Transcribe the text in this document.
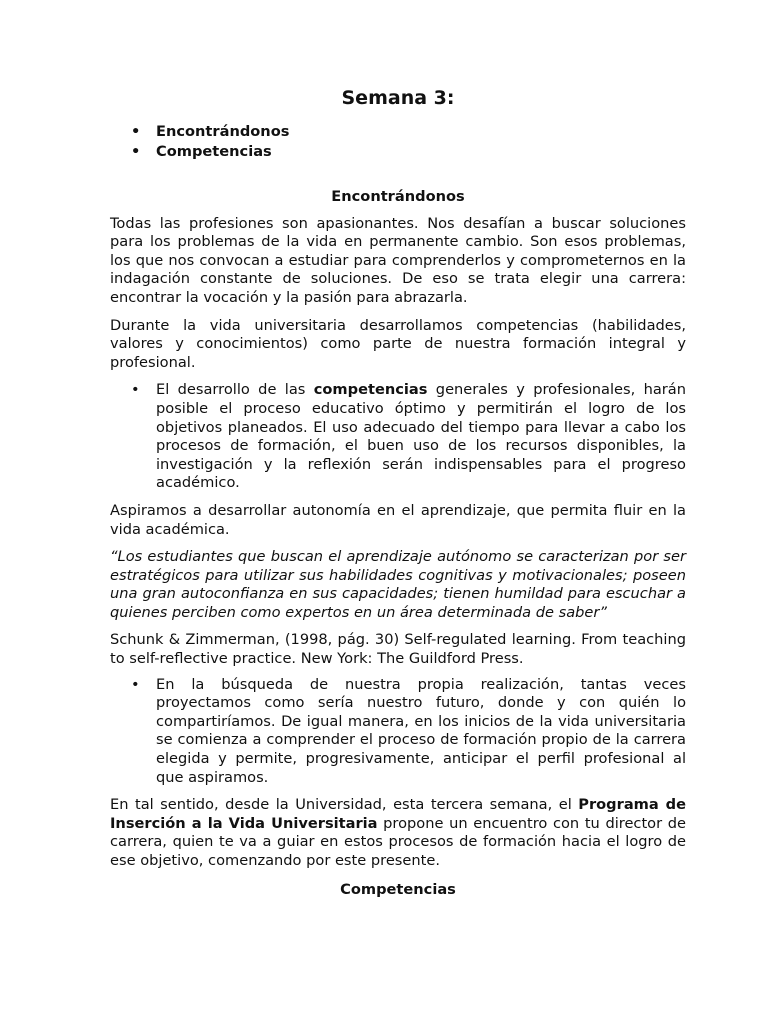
Semana 3:
• Encontrándonos
• Competencias
Encontrándonos

Todas las profesiones son apasionantes. Nos desafían a buscar soluciones para los problemas de la vida en permanente cambio. Son esos problemas, los que nos convocan a estudiar para comprenderlos y comprometernos en la indagación constante de soluciones. De eso se trata elegir una carrera: encontrar la vocación y la pasión para abrazarla.

Durante la vida universitaria desarrollamos competencias (habilidades, valores y conocimientos) como parte de nuestra formación integral y profesional.

• El desarrollo de las competencias generales y profesionales, harán posible el proceso educativo óptimo y permitirán el logro de los objetivos planeados. El uso adecuado del tiempo para llevar a cabo los procesos de formación, el buen uso de los recursos disponibles, la investigación y la reflexión serán indispensables para el progreso académico.

Aspiramos a desarrollar autonomía en el aprendizaje, que permita fluir en la vida académica.

“Los estudiantes que buscan el aprendizaje autónomo se caracterizan por ser estratégicos para utilizar sus habilidades cognitivas y motivacionales; poseen una gran autoconfianza en sus capacidades; tienen humildad para escuchar a quienes perciben como expertos en un área determinada de saber”

Schunk & Zimmerman, (1998, pág. 30) Self-regulated learning. From teaching to self-reflective practice. New York: The Guildford Press.

• En la búsqueda de nuestra propia realización, tantas veces proyectamos como sería nuestro futuro, donde y con quién lo compartiríamos. De igual manera, en los inicios de la vida universitaria se comienza a comprender el proceso de formación propio de la carrera elegida y permite, progresivamente, anticipar el perfil profesional al que aspiramos.

En tal sentido, desde la Universidad, esta tercera semana, el Programa de Inserción a la Vida Universitaria propone un encuentro con tu director de carrera, quien te va a guiar en estos procesos de formación hacia el logro de ese objetivo, comenzando por este presente.

Competencias
